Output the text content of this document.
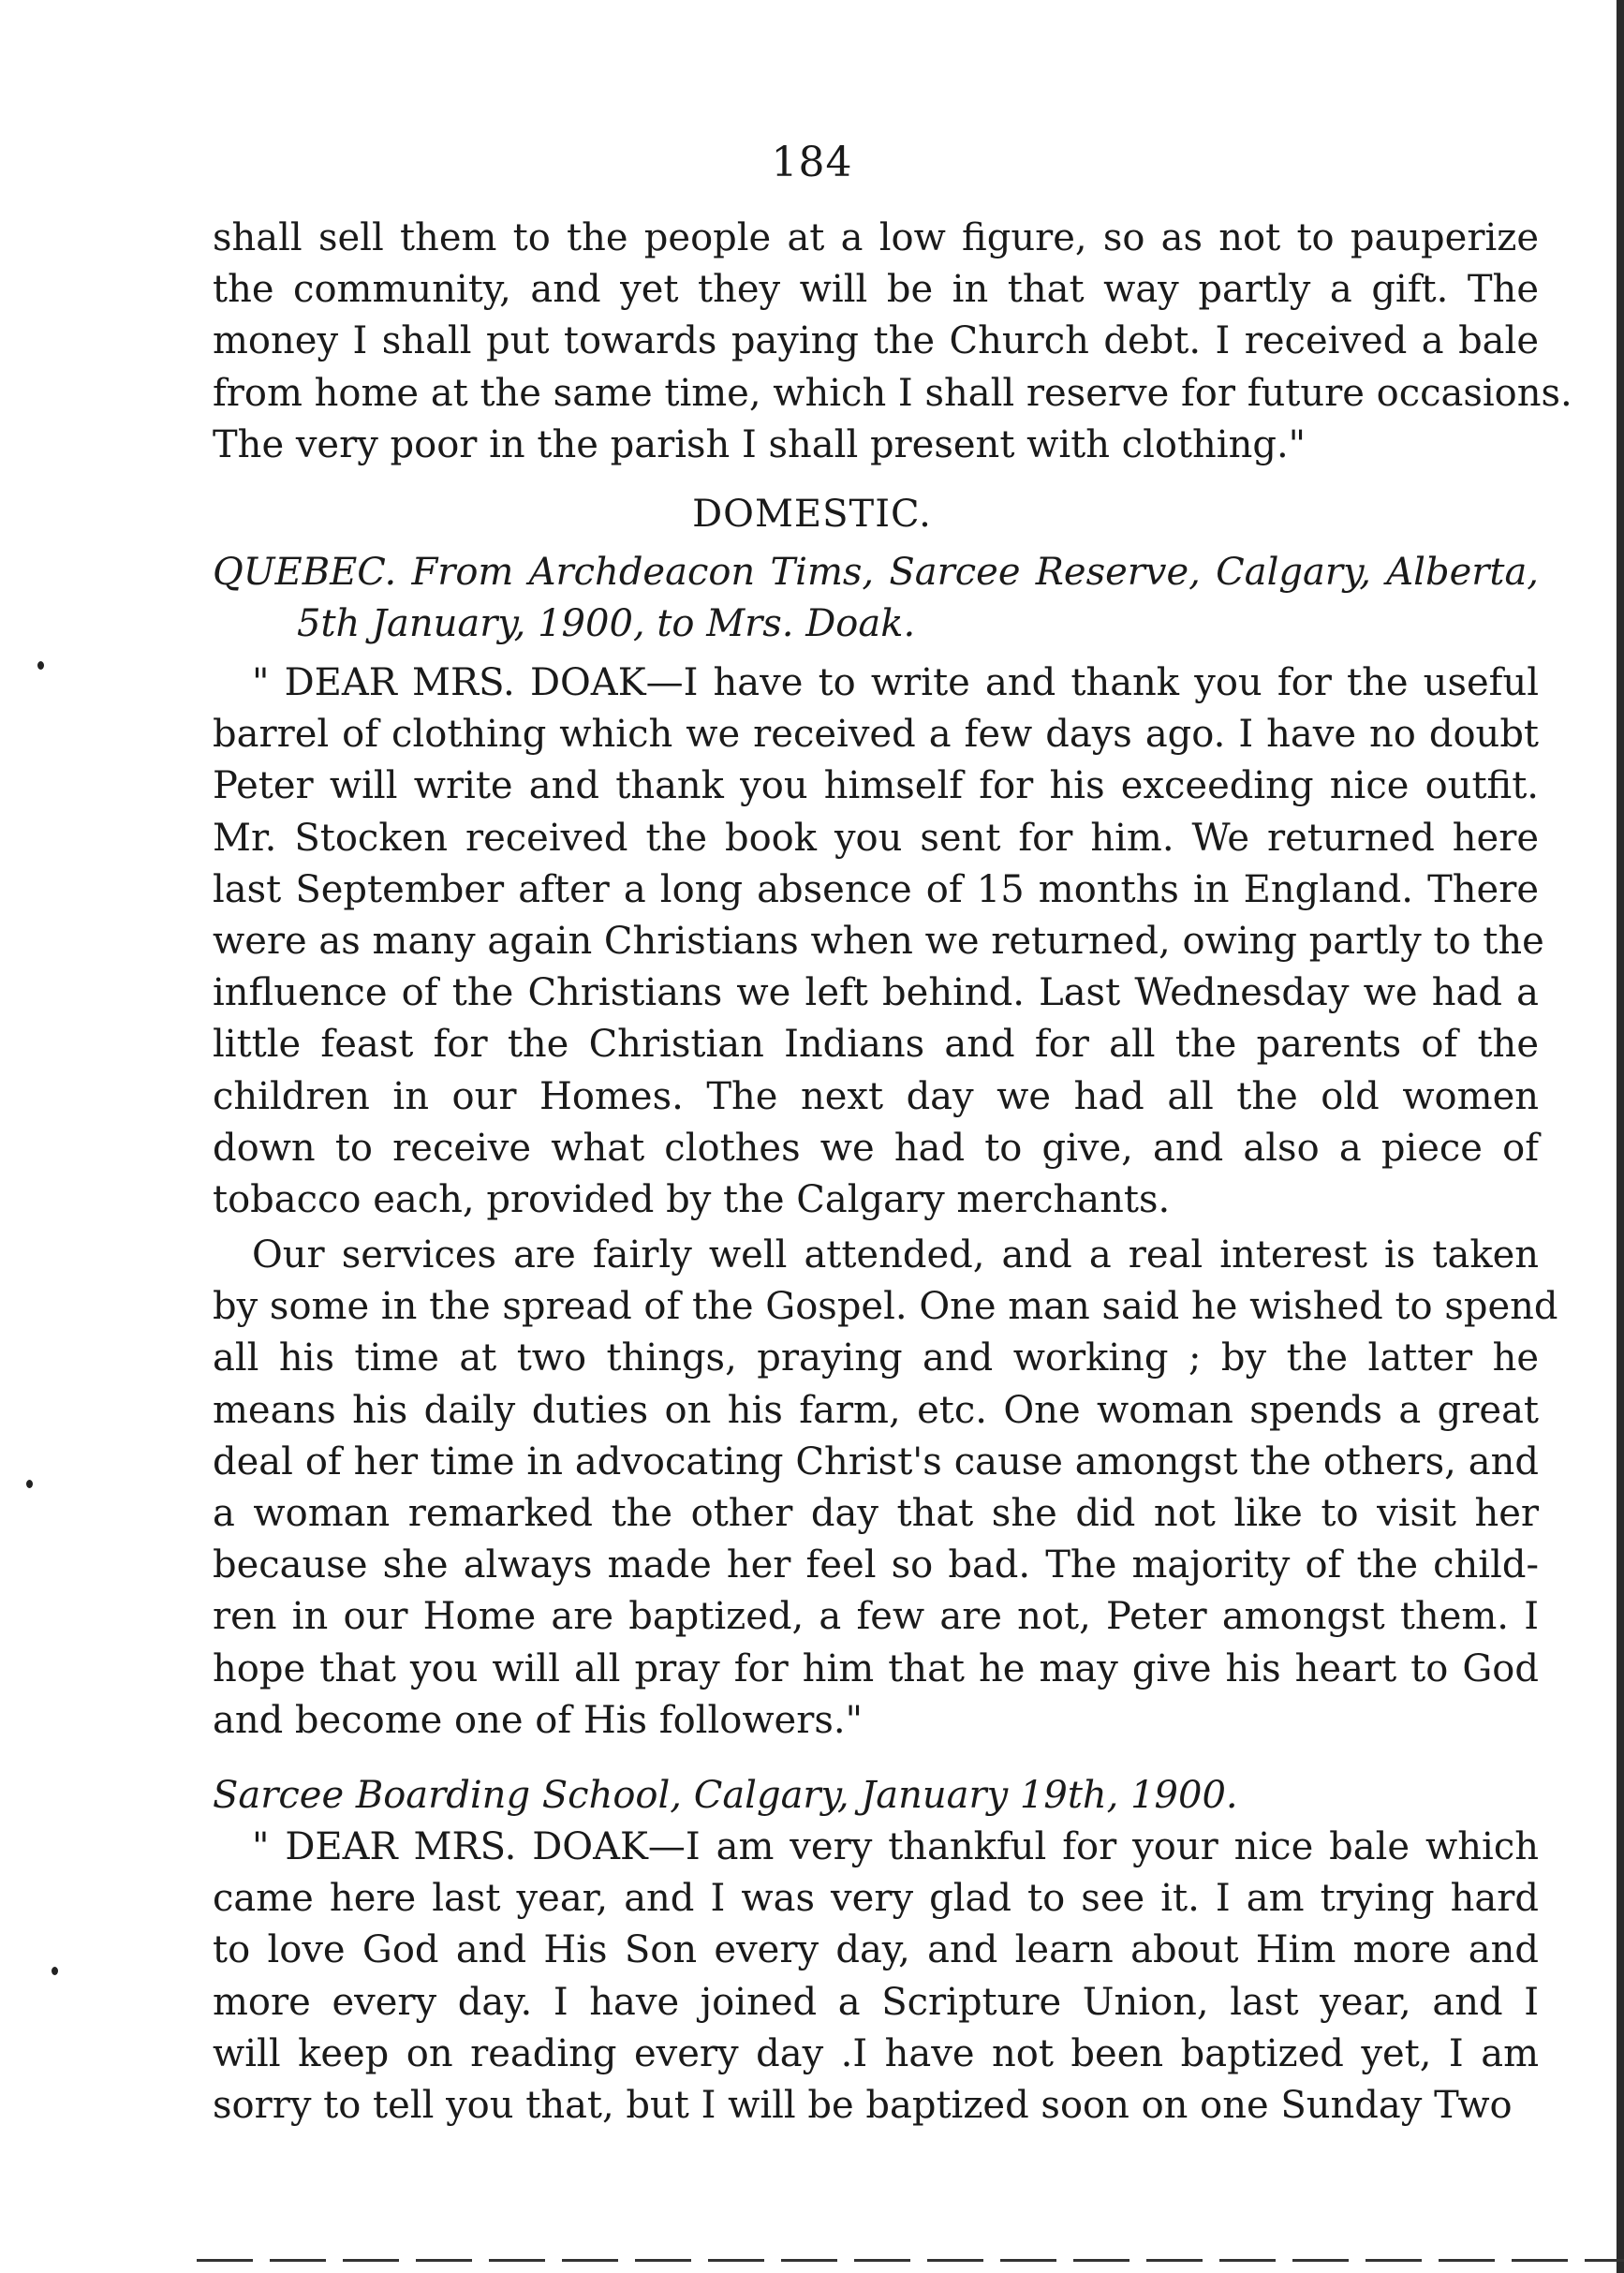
184
shall sell them to the people at a low figure, so as not to pauperize
the community, and yet they will be in that way partly a gift. The
money I shall put towards paying the Church debt. I received a bale
from home at the same time, which I shall reserve for future occasions.
The very poor in the parish I shall present with clothing."
DOMESTIC.
QUEBEC. From Archdeacon Tims, Sarcee Reserve, Calgary, Alberta,
5th January, 1900, to Mrs. Doak.
" DEAR MRS. DOAK—I have to write and thank you for the useful
barrel of clothing which we received a few days ago. I have no doubt
Peter will write and thank you himself for his exceeding nice outfit.
Mr. Stocken received the book you sent for him. We returned here
last September after a long absence of 15 months in England. There
were as many again Christians when we returned, owing partly to the
influence of the Christians we left behind. Last Wednesday we had a
little feast for the Christian Indians and for all the parents of the
children in our Homes. The next day we had all the old women
down to receive what clothes we had to give, and also a piece of
tobacco each, provided by the Calgary merchants.
Our services are fairly well attended, and a real interest is taken
by some in the spread of the Gospel. One man said he wished to spend
all his time at two things, praying and working ; by the latter he
means his daily duties on his farm, etc. One woman spends a great
deal of her time in advocating Christ's cause amongst the others, and
a woman remarked the other day that she did not like to visit her
because she always made her feel so bad. The majority of the child-
ren in our Home are baptized, a few are not, Peter amongst them. I
hope that you will all pray for him that he may give his heart to God
and become one of His followers."
Sarcee Boarding School, Calgary, January 19th, 1900.
" DEAR MRS. DOAK—I am very thankful for your nice bale which
came here last year, and I was very glad to see it. I am trying hard
to love God and His Son every day, and learn about Him more and
more every day. I have joined a Scripture Union, last year, and I
will keep on reading every day .I have not been baptized yet, I am
sorry to tell you that, but I will be baptized soon on one Sunday Two
